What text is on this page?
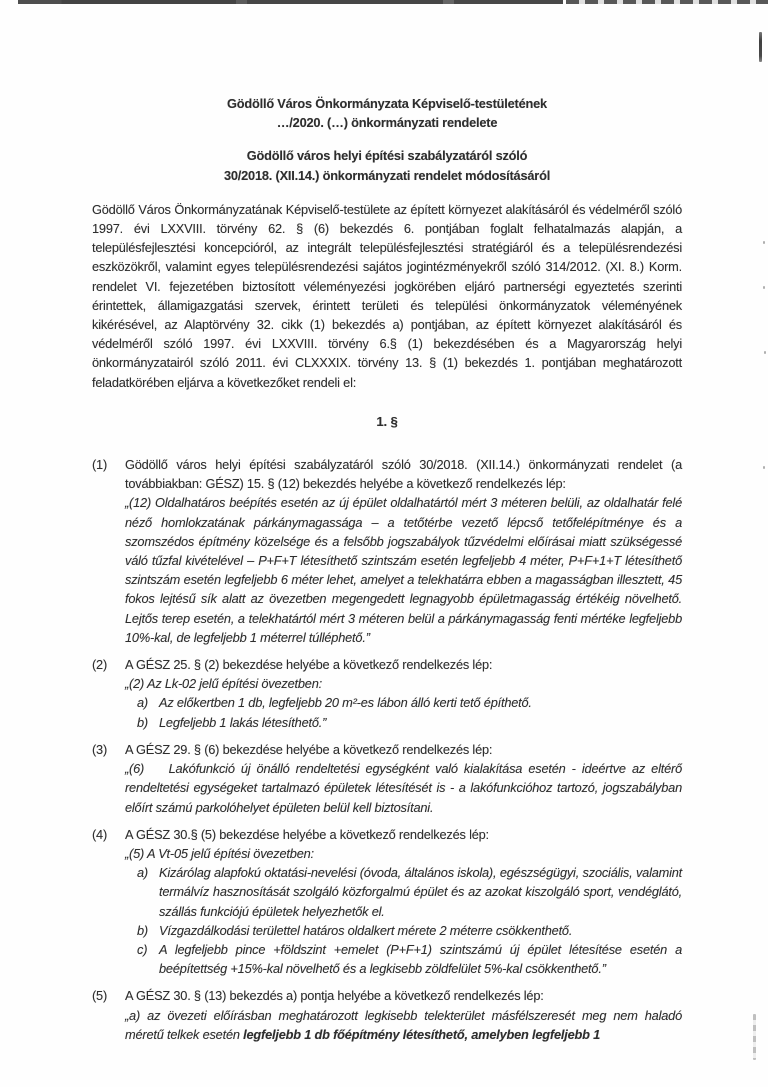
Gödöllő Város Önkormányzata Képviselő-testületének

…/2020. (…) önkormányzati rendelete

Gödöllő város helyi építési szabályzatáról szóló

30/2018. (XII.14.) önkormányzati rendelet módosításáról

Gödöllő Város Önkormányzatának Képviselő-testülete az épített környezet alakításáról és védelméről szóló 1997. évi LXXVIII. törvény 62. § (6) bekezdés 6. pontjában foglalt felhatalmazás alapján, a településfejlesztési koncepcióról, az integrált településfejlesztési stratégiáról és a településrendezési eszközökről, valamint egyes településrendezési sajátos jogintézményekről szóló 314/2012. (XI. 8.) Korm. rendelet VI. fejezetében biztosított véleményezési jogkörében eljáró partnerségi egyeztetés szerinti érintettek, államigazgatási szervek, érintett területi és települési önkormányzatok véleményének kikérésével, az Alaptörvény 32. cikk (1) bekezdés a) pontjában, az épített környezet alakításáról és védelméről szóló 1997. évi LXXVIII. törvény 6.§ (1) bekezdésében és a Magyarország helyi önkormányzatairól szóló 2011. évi CLXXXIX. törvény 13. § (1) bekezdés 1. pontjában meghatározott feladatkörében eljárva a következőket rendeli el:

1. §

(1)	Gödöllő város helyi építési szabályzatáról szóló 30/2018. (XII.14.) önkormányzati rendelet (a továbbiakban: GÉSZ) 15. § (12) bekezdés helyébe a következő rendelkezés lép:

„(12) Oldalhatáros beépítés esetén az új épület oldalhatártól mért 3 méteren belüli, az oldalhatár felé néző homlokzatának párkánymagassága – a tetőtérbe vezető lépcső tetőfelépítménye és a szomszédos építmény közelsége és a felsőbb jogszabályok tűzvédelmi előírásai miatt szükségessé váló tűzfal kivételével – P+F+T létesíthető szintszám esetén legfeljebb 4 méter, P+F+1+T létesíthető szintszám esetén legfeljebb 6 méter lehet, amelyet a telekhatárra ebben a magasságban illesztett, 45 fokos lejtésű sík alatt az övezetben megengedett legnagyobb épületmagasság értékéig növelhető. Lejtős terep esetén, a telekhatártól mért 3 méteren belül a párkánymagasság fenti mértéke legfeljebb 10%-kal, de legfeljebb 1 méterrel túlléphető.”

(2)	A GÉSZ 25. § (2) bekezdése helyébe a következő rendelkezés lép:

„(2) Az Lk-02 jelű építési övezetben:

a) Az előkertben 1 db, legfeljebb 20 m²-es lábon álló kerti tető építhető.
b) Legfeljebb 1 lakás létesíthető.”
(3)	A GÉSZ 29. § (6) bekezdése helyébe a következő rendelkezés lép:

„(6)    Lakófunkció új önálló rendeltetési egységként való kialakítása esetén - ideértve az eltérő rendeltetési egységeket tartalmazó épületek létesítését is - a lakófunkcióhoz tartozó, jogszabályban előírt számú parkolóhelyet épületen belül kell biztosítani.

(4)	A GÉSZ 30.§ (5) bekezdése helyébe a következő rendelkezés lép:

„(5) A Vt-05 jelű építési övezetben:

a) Kizárólag alapfokú oktatási-nevelési (óvoda, általános iskola), egészségügyi, szociális, valamint termálvíz hasznosítását szolgáló közforgalmú épület és az azokat kiszolgáló sport, vendéglátó, szállás funkciójú épületek helyezhetők el.
b) Vízgazdálkodási területtel határos oldalkert mérete 2 méterre csökkenthető.
c) A legfeljebb pince +földszint +emelet (P+F+1) szintszámú új épület létesítése esetén a beépítettség +15%-kal növelhető és a legkisebb zöldfelület 5%-kal csökkenthető.”
(5)	A GÉSZ 30. § (13) bekezdés a) pontja helyébe a következő rendelkezés lép:

„a) az övezeti előírásban meghatározott legkisebb telekterület másfélszeresét meg nem haladó méretű telkek esetén legfeljebb 1 db főépítmény létesíthető, amelyben legfeljebb 1
